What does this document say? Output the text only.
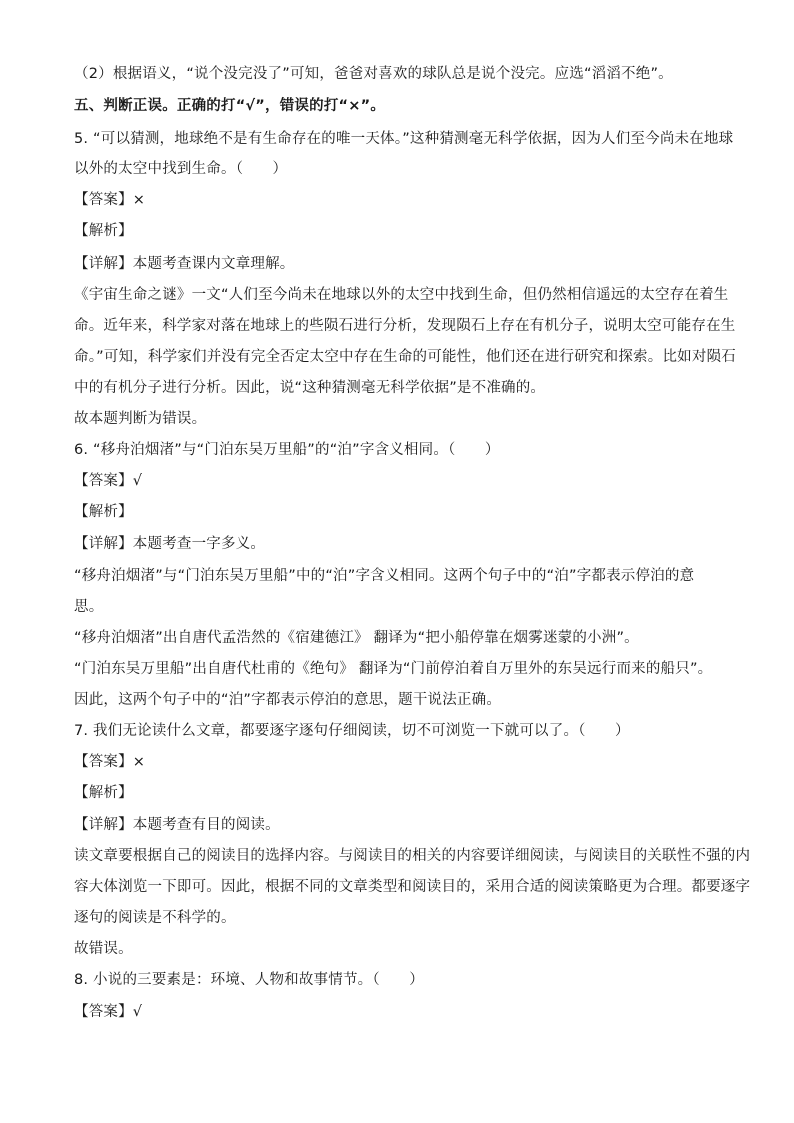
（2）根据语义，“说个没完没了”可知，爸爸对喜欢的球队总是说个没完。应选“滔滔不绝”。
五、判断正误。正确的打“√”，错误的打“×”。
5. “可以猜测，地球绝不是有生命存在的唯一天体。”这种猜测毫无科学依据，因为人们至今尚未在地球
以外的太空中找到生命。（　　）
【答案】×
【解析】
【详解】本题考查课内文章理解。
《宇宙生命之谜》一文“人们至今尚未在地球以外的太空中找到生命，但仍然相信遥远的太空存在着生
命。近年来，科学家对落在地球上的些陨石进行分析，发现陨石上存在有机分子，说明太空可能存在生
命。”可知，科学家们并没有完全否定太空中存在生命的可能性，他们还在进行研究和探索。比如对陨石
中的有机分子进行分析。因此，说“这种猜测毫无科学依据”是不准确的。
故本题判断为错误。
6. “移舟泊烟渚”与“门泊东吴万里船”的“泊”字含义相同。（　　）
【答案】√
【解析】
【详解】本题考查一字多义。
“移舟泊烟渚”与“门泊东吴万里船”中的“泊”字含义相同。这两个句子中的“泊”字都表示停泊的意
思。
“移舟泊烟渚”出自唐代孟浩然的《宿建德江》 翻译为“把小船停靠在烟雾迷蒙的小洲”。
“门泊东吴万里船”出自唐代杜甫的《绝句》 翻译为“门前停泊着自万里外的东吴远行而来的船只”。
因此，这两个句子中的“泊”字都表示停泊的意思，题干说法正确。
7. 我们无论读什么文章，都要逐字逐句仔细阅读，切不可浏览一下就可以了。（　　）
【答案】×
【解析】
【详解】本题考查有目的阅读。
读文章要根据自己的阅读目的选择内容。与阅读目的相关的内容要详细阅读，与阅读目的关联性不强的内
容大体浏览一下即可。因此，根据不同的文章类型和阅读目的，采用合适的阅读策略更为合理。都要逐字
逐句的阅读是不科学的。
故错误。
8. 小说的三要素是：环境、人物和故事情节。（　　）
【答案】√
